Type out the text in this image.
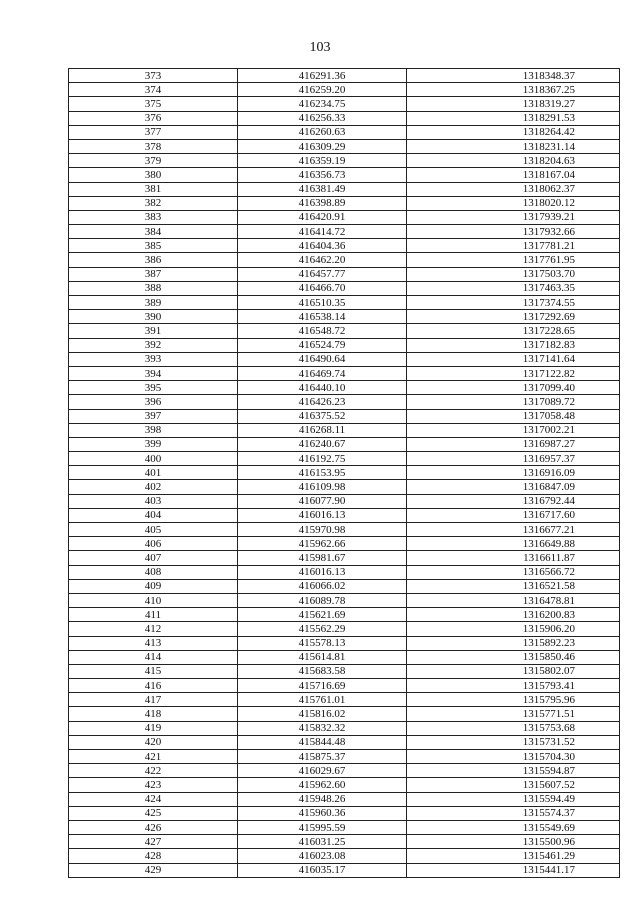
103
373	416291.36	1318348.37
374	416259.20	1318367.25
375	416234.75	1318319.27
376	416256.33	1318291.53
377	416260.63	1318264.42
378	416309.29	1318231.14
379	416359.19	1318204.63
380	416356.73	1318167.04
381	416381.49	1318062.37
382	416398.89	1318020.12
383	416420.91	1317939.21
384	416414.72	1317932.66
385	416404.36	1317781.21
386	416462.20	1317761.95
387	416457.77	1317503.70
388	416466.70	1317463.35
389	416510.35	1317374.55
390	416538.14	1317292.69
391	416548.72	1317228.65
392	416524.79	1317182.83
393	416490.64	1317141.64
394	416469.74	1317122.82
395	416440.10	1317099.40
396	416426.23	1317089.72
397	416375.52	1317058.48
398	416268.11	1317002.21
399	416240.67	1316987.27
400	416192.75	1316957.37
401	416153.95	1316916.09
402	416109.98	1316847.09
403	416077.90	1316792.44
404	416016.13	1316717.60
405	415970.98	1316677.21
406	415962.66	1316649.88
407	415981.67	1316611.87
408	416016.13	1316566.72
409	416066.02	1316521.58
410	416089.78	1316478.81
411	415621.69	1316200.83
412	415562.29	1315906.20
413	415578.13	1315892.23
414	415614.81	1315850.46
415	415683.58	1315802.07
416	415716.69	1315793.41
417	415761.01	1315795.96
418	415816.02	1315771.51
419	415832.32	1315753.68
420	415844.48	1315731.52
421	415875.37	1315704.30
422	416029.67	1315594.87
423	415962.60	1315607.52
424	415948.26	1315594.49
425	415960.36	1315574.37
426	415995.59	1315549.69
427	416031.25	1315500.96
428	416023.08	1315461.29
429	416035.17	1315441.17
